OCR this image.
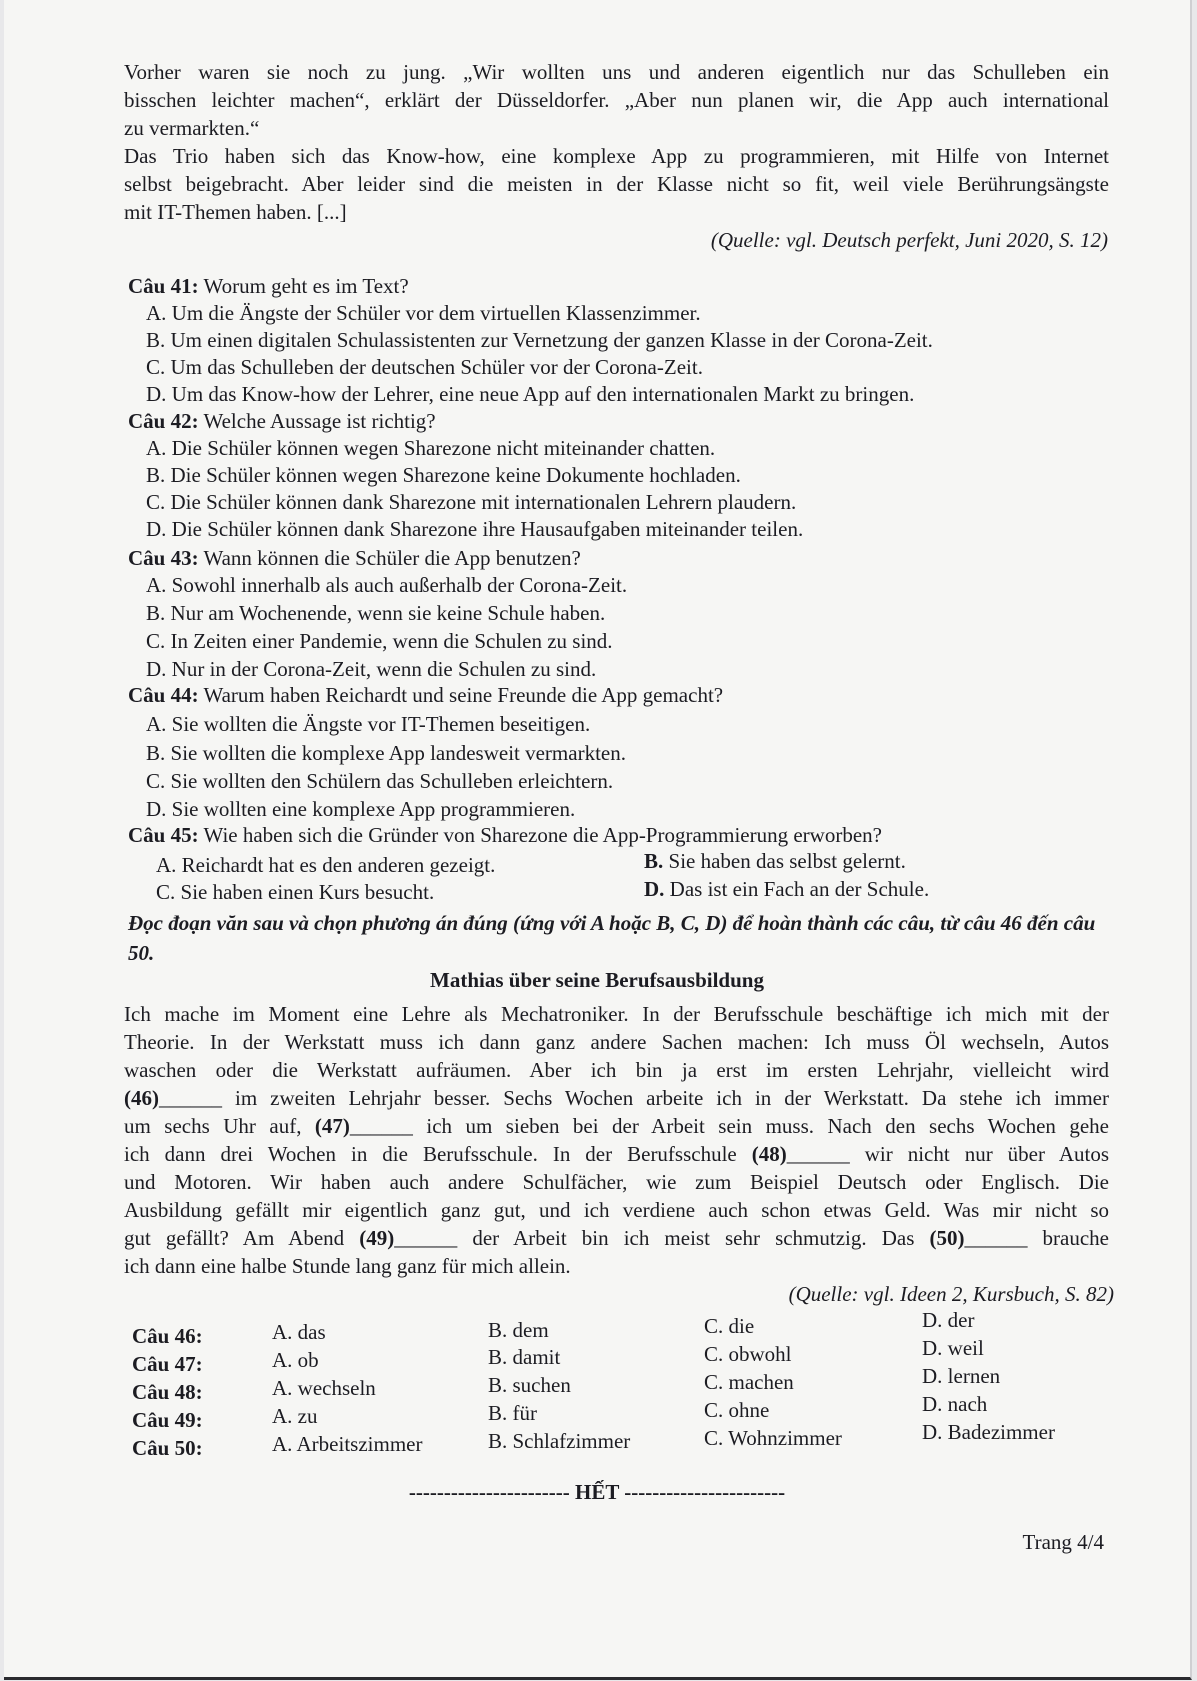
Vorher waren sie noch zu jung. „Wir wollten uns und anderen eigentlich nur das Schulleben ein
bisschen leichter machen“, erklärt der Düsseldorfer. „Aber nun planen wir, die App auch international
zu vermarkten.“
Das Trio haben sich das Know-how, eine komplexe App zu programmieren, mit Hilfe von Internet
selbst beigebracht. Aber leider sind die meisten in der Klasse nicht so fit, weil viele Berührungsängste
mit IT-Themen haben. [...]
(Quelle: vgl. Deutsch perfekt, Juni 2020, S. 12)
Câu 41: Worum geht es im Text?
A. Um die Ängste der Schüler vor dem virtuellen Klassenzimmer.
B. Um einen digitalen Schulassistenten zur Vernetzung der ganzen Klasse in der Corona-Zeit.
C. Um das Schulleben der deutschen Schüler vor der Corona-Zeit.
D. Um das Know-how der Lehrer, eine neue App auf den internationalen Markt zu bringen.
Câu 42: Welche Aussage ist richtig?
A. Die Schüler können wegen Sharezone nicht miteinander chatten.
B. Die Schüler können wegen Sharezone keine Dokumente hochladen.
C. Die Schüler können dank Sharezone mit internationalen Lehrern plaudern.
D. Die Schüler können dank Sharezone ihre Hausaufgaben miteinander teilen.
Câu 43: Wann können die Schüler die App benutzen?
A. Sowohl innerhalb als auch außerhalb der Corona-Zeit.
B. Nur am Wochenende, wenn sie keine Schule haben.
C. In Zeiten einer Pandemie, wenn die Schulen zu sind.
D. Nur in der Corona-Zeit, wenn die Schulen zu sind.
Câu 44: Warum haben Reichardt und seine Freunde die App gemacht?
A. Sie wollten die Ängste vor IT-Themen beseitigen.
B. Sie wollten die komplexe App landesweit vermarkten.
C. Sie wollten den Schülern das Schulleben erleichtern.
D. Sie wollten eine komplexe App programmieren.
Câu 45: Wie haben sich die Gründer von Sharezone die App-Programmierung erworben?
A. Reichardt hat es den anderen gezeigt.	B. Sie haben das selbst gelernt.
C. Sie haben einen Kurs besucht.	D. Das ist ein Fach an der Schule.
Đọc đoạn văn sau và chọn phương án đúng (ứng với A hoặc B, C, D) để hoàn thành các câu, từ câu 46 đến câu 50.
Mathias über seine Berufsausbildung
Ich mache im Moment eine Lehre als Mechatroniker. In der Berufsschule beschäftige ich mich mit der
Theorie. In der Werkstatt muss ich dann ganz andere Sachen machen: Ich muss Öl wechseln, Autos
waschen oder die Werkstatt aufräumen. Aber ich bin ja erst im ersten Lehrjahr, vielleicht wird
(46)______ im zweiten Lehrjahr besser. Sechs Wochen arbeite ich in der Werkstatt. Da stehe ich immer
um sechs Uhr auf, (47)______ ich um sieben bei der Arbeit sein muss. Nach den sechs Wochen gehe
ich dann drei Wochen in die Berufsschule. In der Berufsschule (48)______ wir nicht nur über Autos
und Motoren. Wir haben auch andere Schulfächer, wie zum Beispiel Deutsch oder Englisch. Die
Ausbildung gefällt mir eigentlich ganz gut, und ich verdiene auch schon etwas Geld. Was mir nicht so
gut gefällt? Am Abend (49)______ der Arbeit bin ich meist sehr schmutzig. Das (50)______ brauche
ich dann eine halbe Stunde lang ganz für mich allein.
(Quelle: vgl. Ideen 2, Kursbuch, S. 82)
Câu 46:	A. das	B. dem	C. die	D. der
Câu 47:	A. ob	B. damit	C. obwohl	D. weil
Câu 48:	A. wechseln	B. suchen	C. machen	D. lernen
Câu 49:	A. zu	B. für	C. ohne	D. nach
Câu 50:	A. Arbeitszimmer	B. Schlafzimmer	C. Wohnzimmer	D. Badezimmer
----------------------- HẾT -----------------------
Trang 4/4
